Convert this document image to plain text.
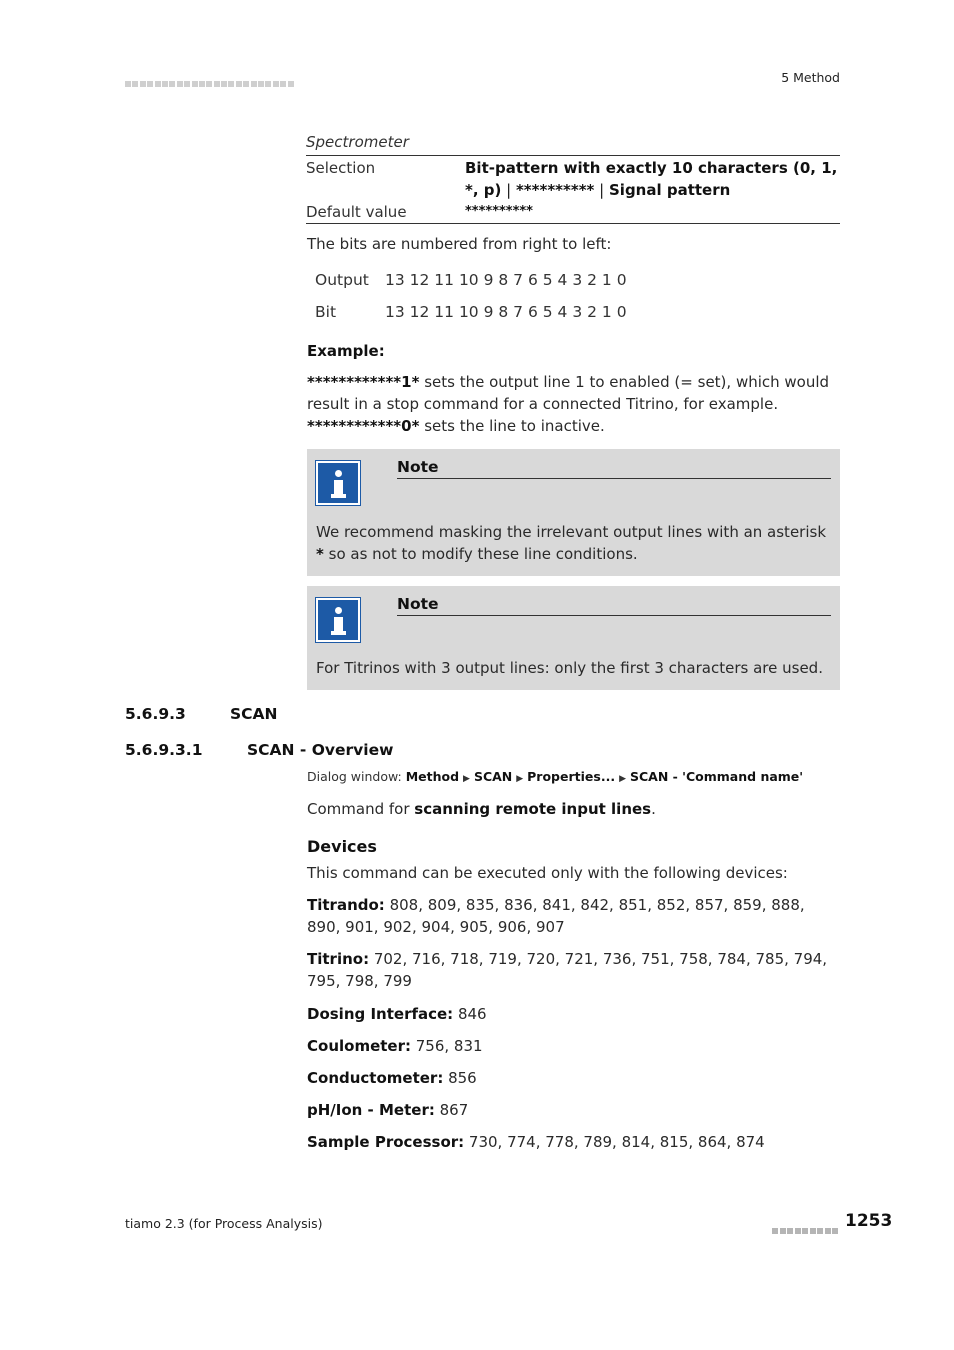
5 Method
Spectrometer
Selection	Bit-pattern with exactly 10 characters (0, 1, *, p) | ********** | Signal pattern
Default value	**********
The bits are numbered from right to left:
Output	13 12 11 10 9 8 7 6 5 4 3 2 1 0
Bit	13 12 11 10 9 8 7 6 5 4 3 2 1 0
Example:
************1* sets the output line 1 to enabled (= set), which would result in a stop command for a connected Titrino, for example.
************0* sets the line to inactive.
Note
We recommend masking the irrelevant output lines with an asterisk * so as not to modify these line conditions.
Note
For Titrinos with 3 output lines: only the first 3 characters are used.
5.6.9.3	SCAN
5.6.9.3.1	SCAN - Overview
Dialog window: Method ▶ SCAN ▶ Properties... ▶ SCAN - 'Command name'
Command for scanning remote input lines.
Devices
This command can be executed only with the following devices:
Titrando: 808, 809, 835, 836, 841, 842, 851, 852, 857, 859, 888, 890, 901, 902, 904, 905, 906, 907
Titrino: 702, 716, 718, 719, 720, 721, 736, 751, 758, 784, 785, 794, 795, 798, 799
Dosing Interface: 846
Coulometer: 756, 831
Conductometer: 856
pH/Ion - Meter: 867
Sample Processor: 730, 774, 778, 789, 814, 815, 864, 874
tiamo 2.3 (for Process Analysis)	1253
